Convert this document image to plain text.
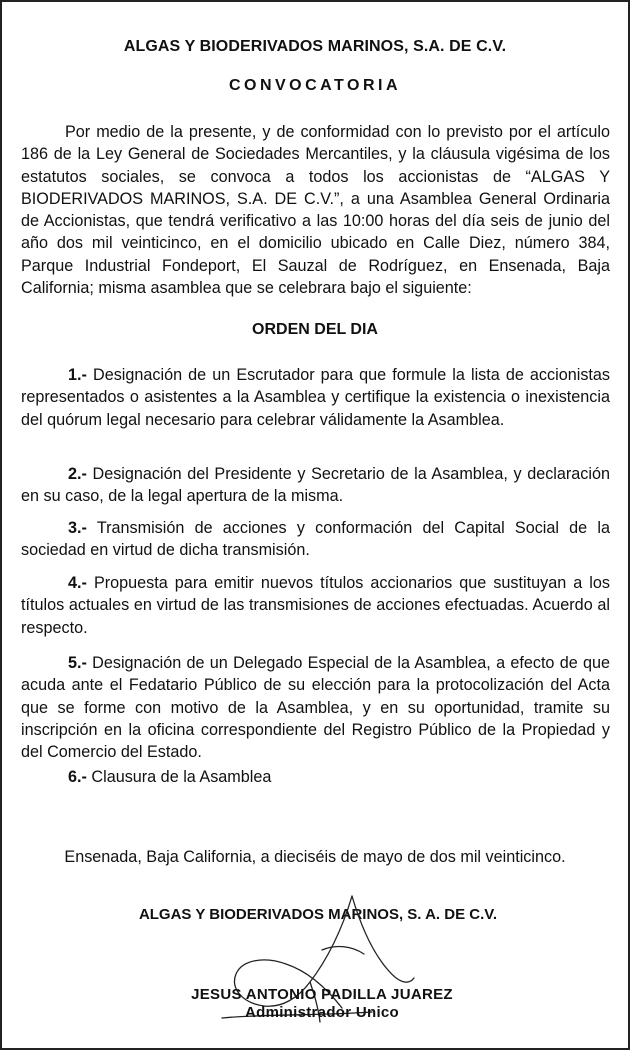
ALGAS Y BIODERIVADOS MARINOS, S.A. DE C.V.
CONVOCATORIA

Por medio de la presente, y de conformidad con lo previsto por el artículo 186 de la Ley General de Sociedades Mercantiles, y la cláusula vigésima de los estatutos sociales, se convoca a todos los accionistas de “ALGAS Y BIODERIVADOS MARINOS, S.A. DE C.V.”, a una Asamblea General Ordinaria de Accionistas, que tendrá verificativo a las 10:00 horas del día seis de junio del año dos mil veinticinco, en el domicilio ubicado en Calle Diez, número 384, Parque Industrial Fondeport, El Sauzal de Rodríguez, en Ensenada, Baja California; misma asamblea que se celebrara bajo el siguiente:

ORDEN DEL DIA

1.- Designación de un Escrutador para que formule la lista de accionistas representados o asistentes a la Asamblea y certifique la existencia o inexistencia del quórum legal necesario para celebrar válidamente la Asamblea.

2.- Designación del Presidente y Secretario de la Asamblea, y declaración en su caso, de la legal apertura de la misma.

3.- Transmisión de acciones y conformación del Capital Social de la sociedad en virtud de dicha transmisión.

4.- Propuesta para emitir nuevos títulos accionarios que sustituyan a los títulos actuales en virtud de las transmisiones de acciones efectuadas. Acuerdo al respecto.

5.- Designación de un Delegado Especial de la Asamblea, a efecto de que acuda ante el Fedatario Público de su elección para la protocolización del Acta que se forme con motivo de la Asamblea, y en su oportunidad, tramite su inscripción en la oficina correspondiente del Registro Público de la Propiedad y del Comercio del Estado.

6.- Clausura de la Asamblea

Ensenada, Baja California, a dieciséis de mayo de dos mil veinticinco.
ALGAS Y BIODERIVADOS MARINOS, S. A. DE C.V.
JESUS ANTONIO PADILLA JUAREZ
Administrador Unico
